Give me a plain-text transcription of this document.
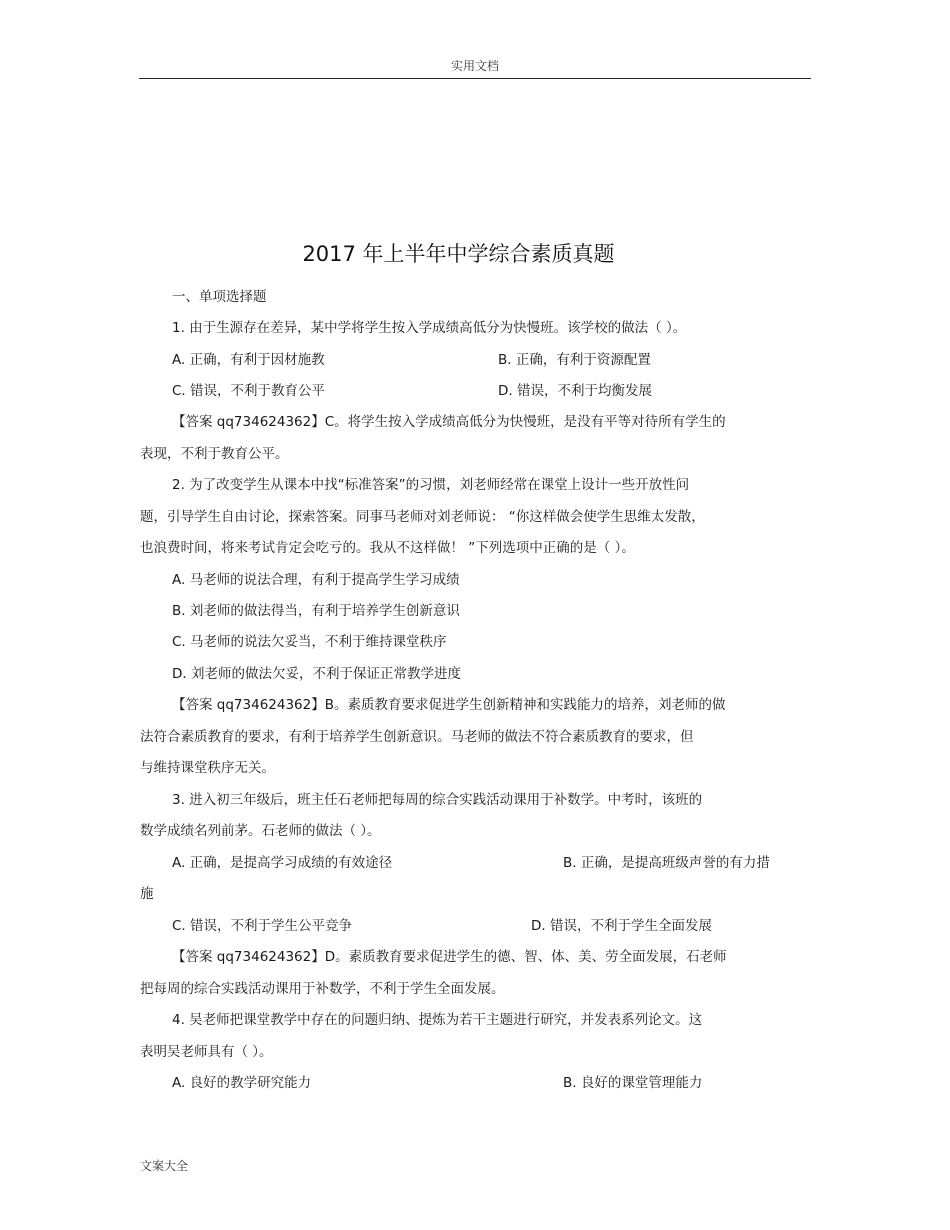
实用文档
2017 年上半年中学综合素质真题
一、单项选择题
1. 由于生源存在差异，某中学将学生按入学成绩高低分为快慢班。该学校的做法（ ）。
A. 正确，有利于因材施教	B. 正确，有利于资源配置
C. 错误，不利于教育公平	D. 错误，不利于均衡发展
【答案 qq734624362】C。将学生按入学成绩高低分为快慢班，是没有平等对待所有学生的
表现，不利于教育公平。
2. 为了改变学生从课本中找“标准答案”的习惯，刘老师经常在课堂上设计一些开放性问
题，引导学生自由讨论，探索答案。同事马老师对刘老师说： “你这样做会使学生思维太发散，
也浪费时间，将来考试肯定会吃亏的。我从不这样做！ ”下列选项中正确的是（ ）。
A. 马老师的说法合理，有利于提高学生学习成绩
B. 刘老师的做法得当，有利于培养学生创新意识
C. 马老师的说法欠妥当，不利于维持课堂秩序
D. 刘老师的做法欠妥，不利于保证正常教学进度
【答案 qq734624362】B。素质教育要求促进学生创新精神和实践能力的培养，刘老师的做
法符合素质教育的要求，有利于培养学生创新意识。马老师的做法不符合素质教育的要求，但
与维持课堂秩序无关。
3. 进入初三年级后，班主任石老师把每周的综合实践活动课用于补数学。中考时，该班的
数学成绩名列前茅。石老师的做法（ ）。
A. 正确，是提高学习成绩的有效途径	B. 正确，是提高班级声誉的有力措
施
C. 错误，不利于学生公平竞争	D. 错误，不利于学生全面发展
【答案 qq734624362】D。素质教育要求促进学生的德、智、体、美、劳全面发展，石老师
把每周的综合实践活动课用于补数学，不利于学生全面发展。
4. 吴老师把课堂教学中存在的问题归纳、提炼为若干主题进行研究，并发表系列论文。这
表明吴老师具有（ ）。
A. 良好的教学研究能力	B. 良好的课堂管理能力
文案大全
